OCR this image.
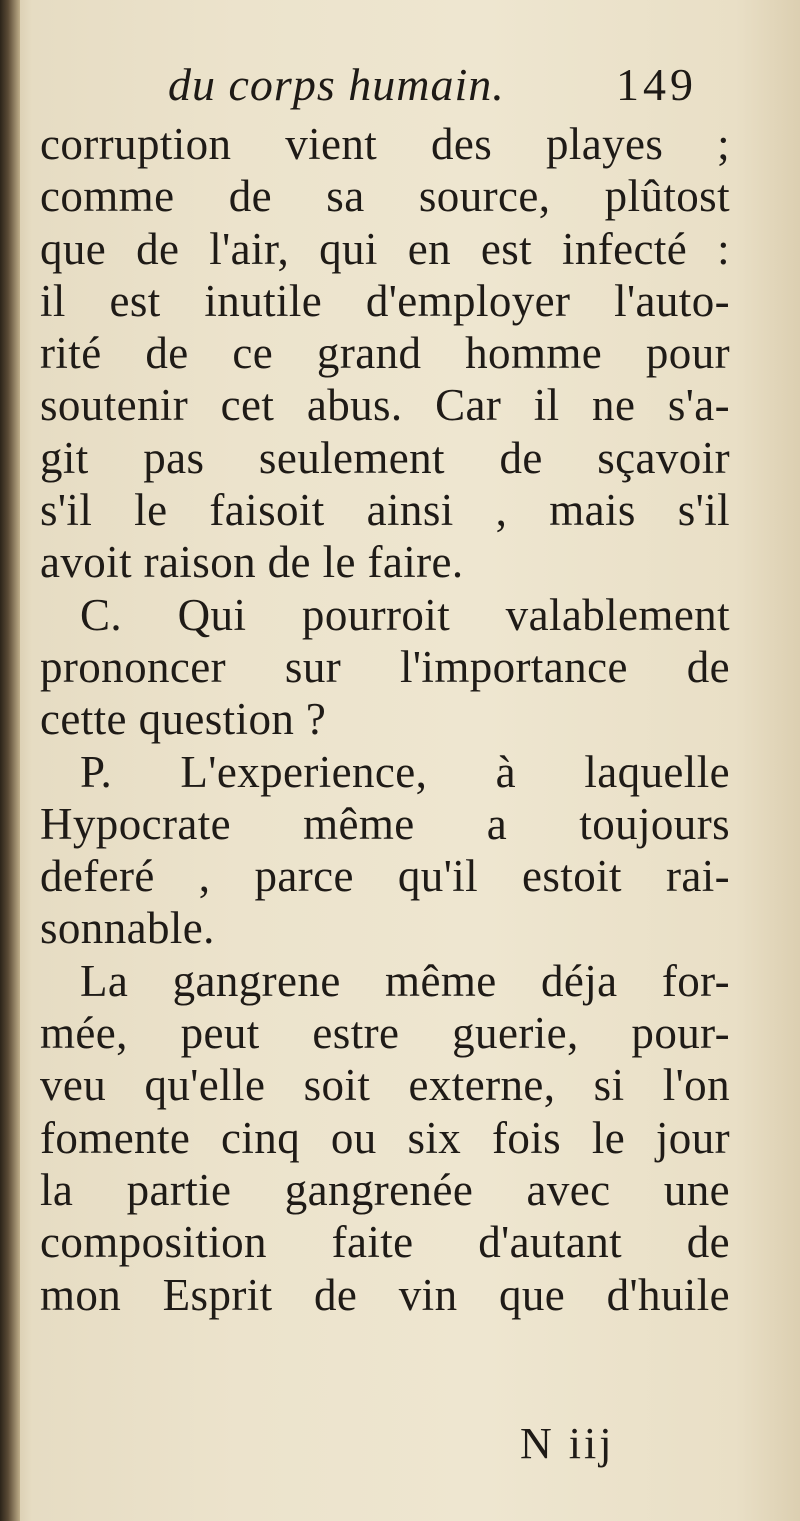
du corps humain. 149
corruption vient des playes ;
comme de sa source, plûtost
que de l'air, qui en est infecté :
il est inutile d'employer l'auto-
rité de ce grand homme pour
soutenir cet abus. Car il ne s'a-
git pas seulement de sçavoir
s'il le faisoit ainsi , mais s'il
avoit raison de le faire.
C. Qui pourroit valablement
prononcer sur l'importance de
cette question ?
P. L'experience, à laquelle
Hypocrate même a toujours
deferé , parce qu'il estoit rai-
sonnable.
La gangrene même déja for-
mée, peut estre guerie, pour-
veu qu'elle soit externe, si l'on
fomente cinq ou six fois le jour
la partie gangrenée avec une
composition faite d'autant de
mon Esprit de vin que d'huile
N iij
